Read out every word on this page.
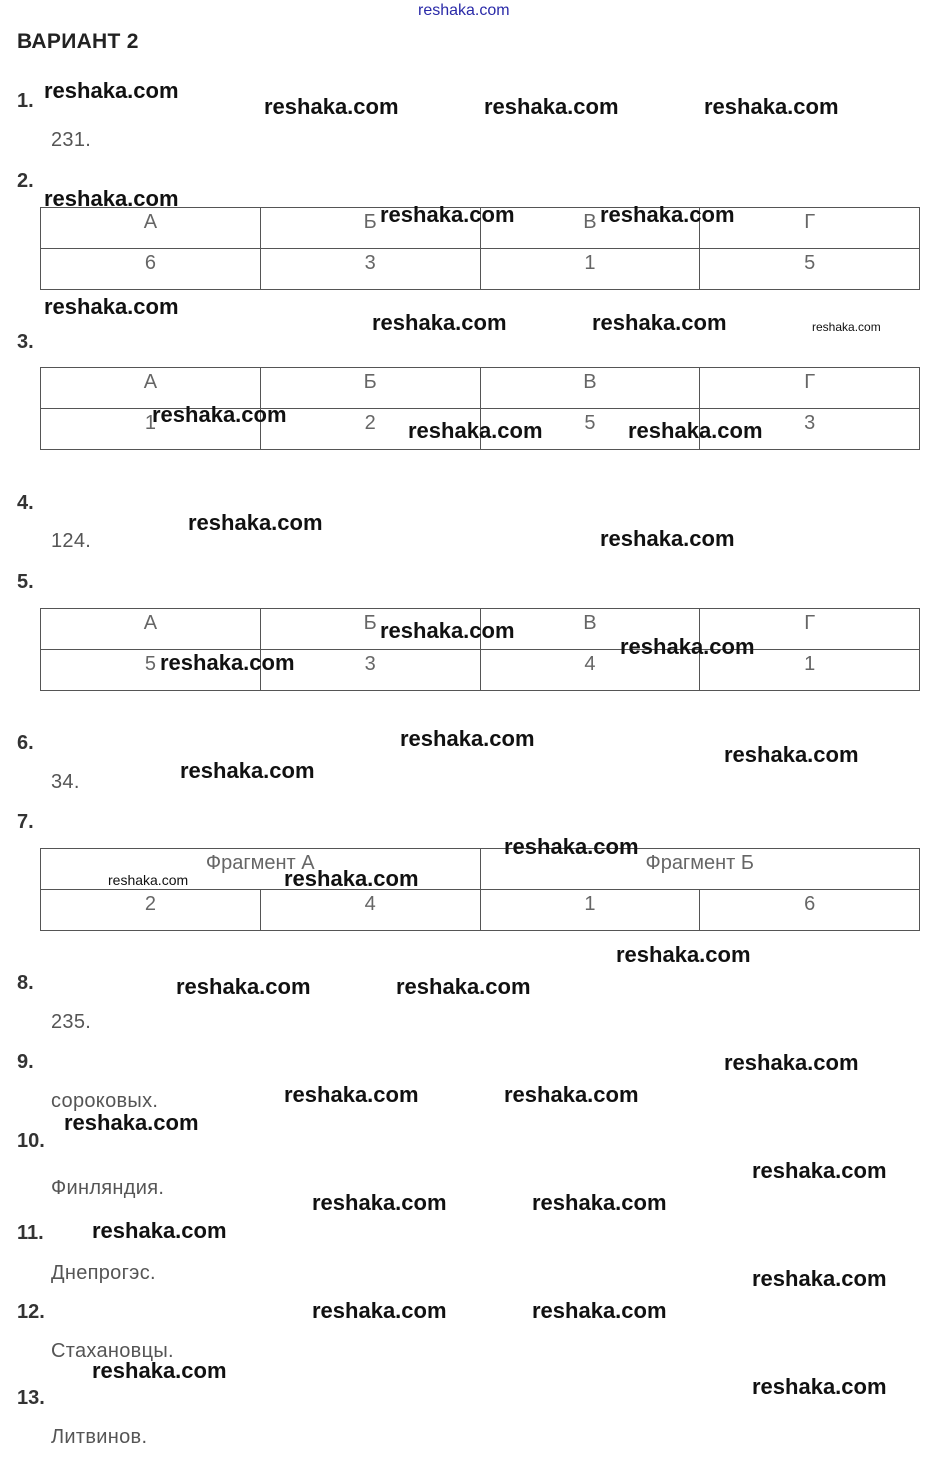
reshaka.com
ВАРИАНТ 2
1.
231.
2.
А	Б	В	Г
6	3	1	5
3.
А	Б	В	Г
1	2	5	3
4.
124.
5.
А	Б	В	Г
5	3	4	1
6.
34.
7.
Фрагмент А		Фрагмент Б	
2	4	1	6
8.
235.
9.
сороковых.
10.
Финляндия.
11.
Днепрогэс.
12.
Стахановцы.
13.
Литвинов.
reshaka.com
reshaka.com	reshaka.com	reshaka.com
reshaka.com
reshaka.com	reshaka.com
reshaka.com
reshaka.com	reshaka.com	reshaka.com
reshaka.com
reshaka.com	reshaka.com
reshaka.com
reshaka.com
reshaka.com
reshaka.com
reshaka.com
reshaka.com
reshaka.com
reshaka.com
reshaka.com
reshaka.com	reshaka.com
reshaka.com
reshaka.com	reshaka.com
reshaka.com
reshaka.com	reshaka.com
reshaka.com
reshaka.com
reshaka.com	reshaka.com
reshaka.com
reshaka.com
reshaka.com	reshaka.com
reshaka.com
reshaka.com
